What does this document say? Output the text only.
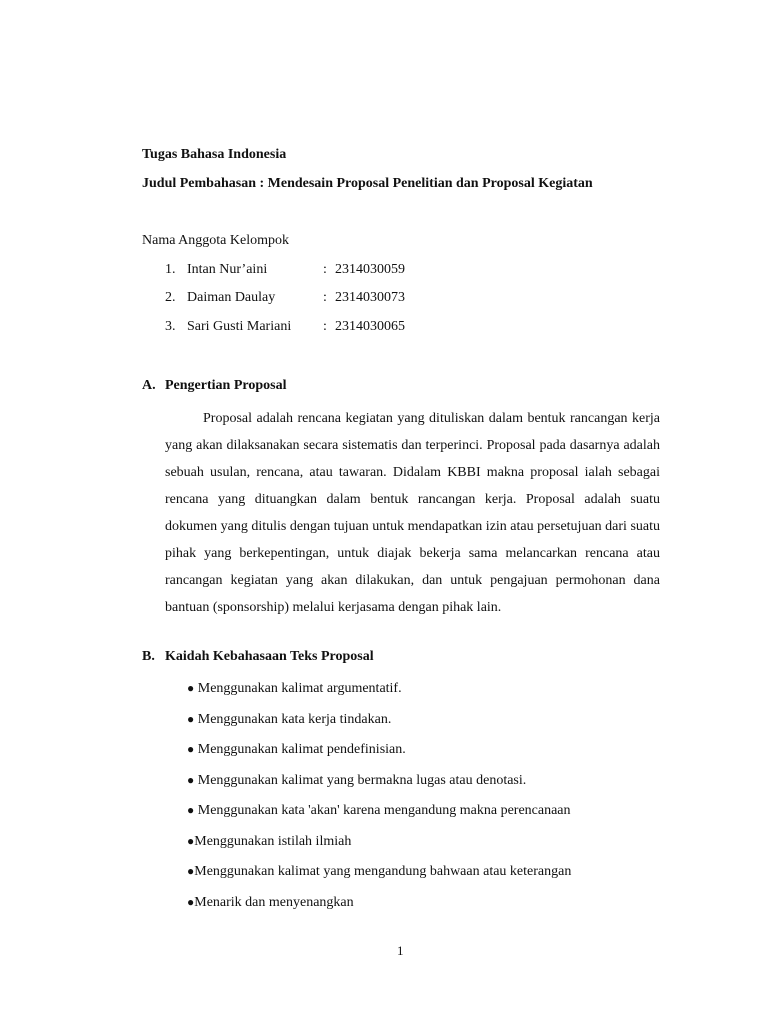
Tugas Bahasa Indonesia
Judul Pembahasan : Mendesain Proposal Penelitian dan Proposal Kegiatan
Nama Anggota Kelompok
1. Intan Nur’aini	: 2314030059
2. Daiman Daulay	: 2314030073
3. Sari Gusti Mariani : 2314030065
A. Pengertian Proposal

Proposal adalah rencana kegiatan yang dituliskan dalam bentuk rancangan kerja yang akan dilaksanakan secara sistematis dan terperinci. Proposal pada dasarnya adalah sebuah usulan, rencana, atau tawaran. Didalam KBBI makna proposal ialah sebagai rencana yang dituangkan dalam bentuk rancangan kerja. Proposal adalah suatu dokumen yang ditulis dengan tujuan untuk mendapatkan izin atau persetujuan dari suatu pihak yang berkepentingan, untuk diajak bekerja sama melancarkan rencana atau rancangan kegiatan yang akan dilakukan, dan untuk pengajuan permohonan dana bantuan (sponsorship) melalui kerjasama dengan pihak lain.

B. Kaidah Kebahasaan Teks Proposal
● Menggunakan kalimat argumentatif.
● Menggunakan kata kerja tindakan.
● Menggunakan kalimat pendefinisian.
● Menggunakan kalimat yang bermakna lugas atau denotasi.
● Menggunakan kata 'akan' karena mengandung makna perencanaan
●Menggunakan istilah ilmiah
●Menggunakan kalimat yang mengandung bahwaan atau keterangan
●Menarik dan menyenangkan
1
